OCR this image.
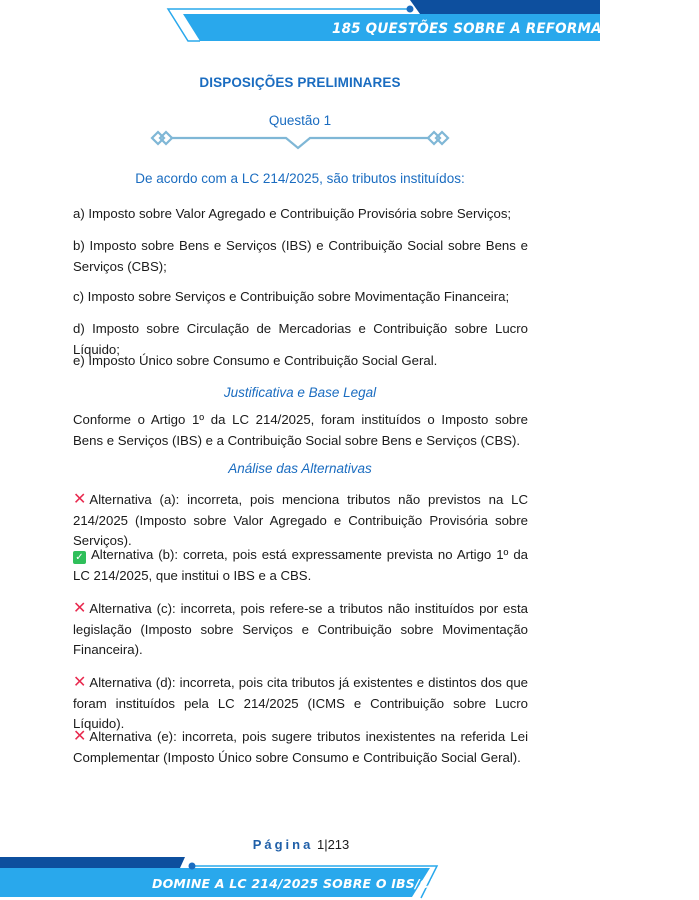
185 QUESTÕES SOBRE A REFORMA TRIBUTÁRIA
DISPOSIÇÕES PRELIMINARES
Questão 1
De acordo com a LC 214/2025, são tributos instituídos:
a) Imposto sobre Valor Agregado e Contribuição Provisória sobre Serviços;
b) Imposto sobre Bens e Serviços (IBS) e Contribuição Social sobre Bens e Serviços (CBS);
c) Imposto sobre Serviços e Contribuição sobre Movimentação Financeira;
d) Imposto sobre Circulação de Mercadorias e Contribuição sobre Lucro Líquido;
e) Imposto Único sobre Consumo e Contribuição Social Geral.
Justificativa e Base Legal
Conforme o Artigo 1º da LC 214/2025, foram instituídos o Imposto sobre Bens e Serviços (IBS) e a Contribuição Social sobre Bens e Serviços (CBS).
Análise das Alternativas
✕ Alternativa (a): incorreta, pois menciona tributos não previstos na LC 214/2025 (Imposto sobre Valor Agregado e Contribuição Provisória sobre Serviços).
✓ Alternativa (b): correta, pois está expressamente prevista no Artigo 1º da LC 214/2025, que institui o IBS e a CBS.
✕ Alternativa (c): incorreta, pois refere-se a tributos não instituídos por esta legislação (Imposto sobre Serviços e Contribuição sobre Movimentação Financeira).
✕ Alternativa (d): incorreta, pois cita tributos já existentes e distintos dos que foram instituídos pela LC 214/2025 (ICMS e Contribuição sobre Lucro Líquido).
✕ Alternativa (e): incorreta, pois sugere tributos inexistentes na referida Lei Complementar (Imposto Único sobre Consumo e Contribuição Social Geral).
Página 1|213
DOMINE A LC 214/2025 SOBRE O IBS/CBS
